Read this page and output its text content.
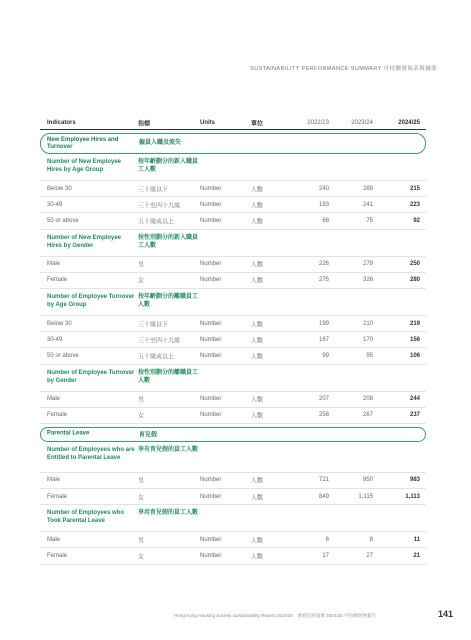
SUSTAINABILITY PERFORMANCE SUMMARY 可持續發展表現摘要
Indicators	指標	Units	單位	2022/23	2023/24	2024/25
New Employee Hires and Turnover
僱員入職及流失
Number of New Employee Hires by Age Group
按年齡劃分的新入職員工人數
Below 30	三十歲以下	Number	人數	240	289	215
30-49	三十至四十九歲	Number	人數	193	241	223
50 or above	五十歲或以上	Number	人數	68	75	92
Number of New Employee Hires by Gender
按性別劃分的新入職員工人數
Male	男	Number	人數	226	279	250
Female	女	Number	人數	275	326	280
Number of Employee Turnover by Age Group
按年齡劃分的離職員工人數
Below 30	三十歲以下	Number	人數	199	210	219
30-49	三十至四十九歲	Number	人數	167	170	156
50 or above	五十歲或以上	Number	人數	99	95	106
Number of Employee Turnover by Gender
按性別劃分的離職員工人數
Male	男	Number	人數	207	208	244
Female	女	Number	人數	258	267	237
Parental Leave	育兒假
Number of Employees who are Entitled to Parental Leave
享有育兒假的員工人數
Male	男	Number	人數	721	950	983
Female	女	Number	人數	849	1,115	1,113
Number of Employees who Took Parental Leave
享用育兒假的員工人數
Male	男	Number	人數	6	8	11
Female	女	Number	人數	17	27	21
Hong Kong Housing Society Sustainability Report 2024/25　香港房屋協會 2024/25 可持續發展報告	141
